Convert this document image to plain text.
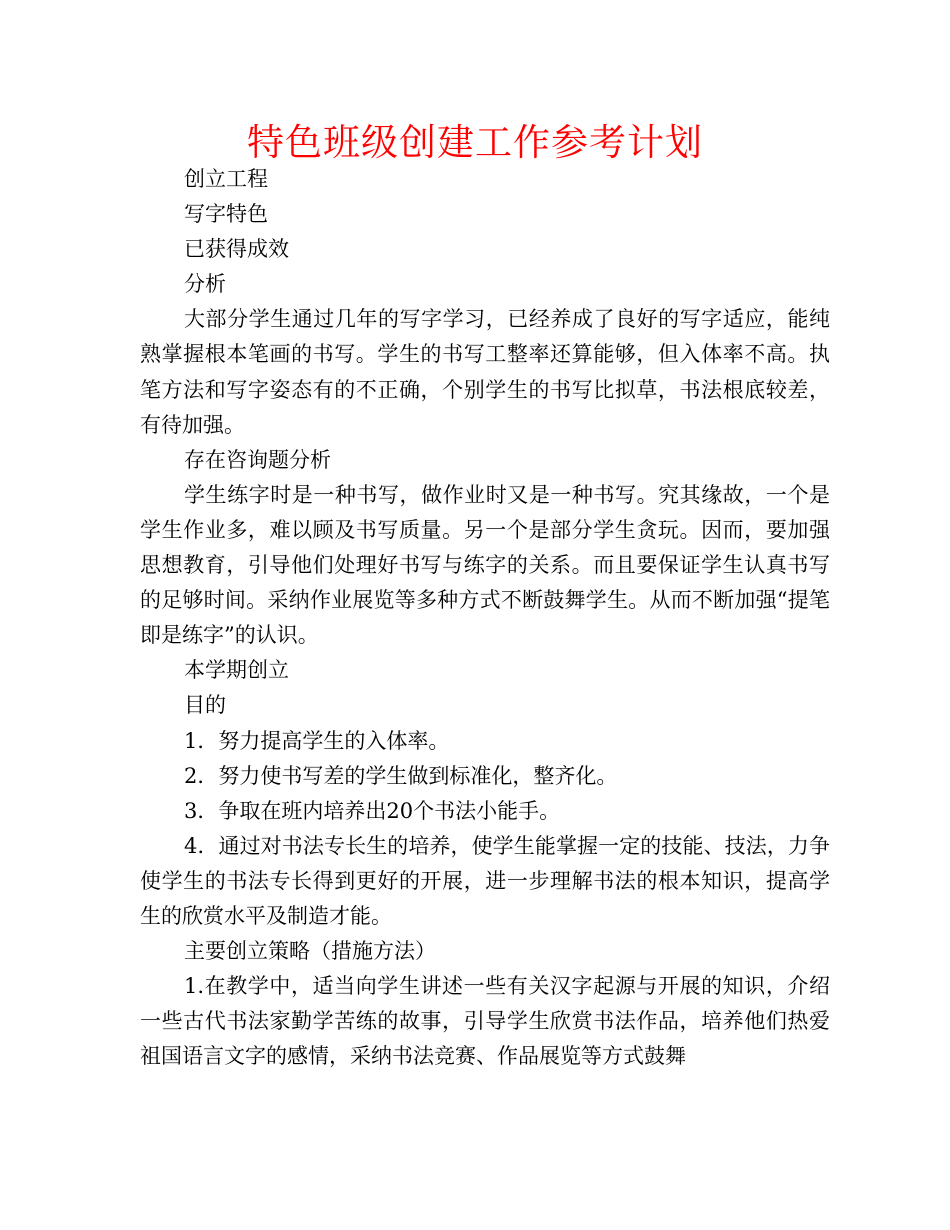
特色班级创建工作参考计划

创立工程

写字特色

已获得成效

分析

大部分学生通过几年的写字学习，已经养成了良好的写字适应，能纯熟掌握根本笔画的书写。学生的书写工整率还算能够，但入体率不高。执笔方法和写字姿态有的不正确，个别学生的书写比拟草，书法根底较差，有待加强。

存在咨询题分析

学生练字时是一种书写，做作业时又是一种书写。究其缘故，一个是学生作业多，难以顾及书写质量。另一个是部分学生贪玩。因而，要加强思想教育，引导他们处理好书写与练字的关系。而且要保证学生认真书写的足够时间。采纳作业展览等多种方式不断鼓舞学生。从而不断加强“提笔即是练字”的认识。

本学期创立

目的

1．努力提高学生的入体率。

2．努力使书写差的学生做到标准化，整齐化。

3．争取在班内培养出20个书法小能手。

4．通过对书法专长生的培养，使学生能掌握一定的技能、技法，力争使学生的书法专长得到更好的开展，进一步理解书法的根本知识，提高学生的欣赏水平及制造才能。

主要创立策略（措施方法）

1.在教学中，适当向学生讲述一些有关汉字起源与开展的知识，介绍一些古代书法家勤学苦练的故事，引导学生欣赏书法作品，培养他们热爱祖国语言文字的感情，采纳书法竞赛、作品展览等方式鼓舞
